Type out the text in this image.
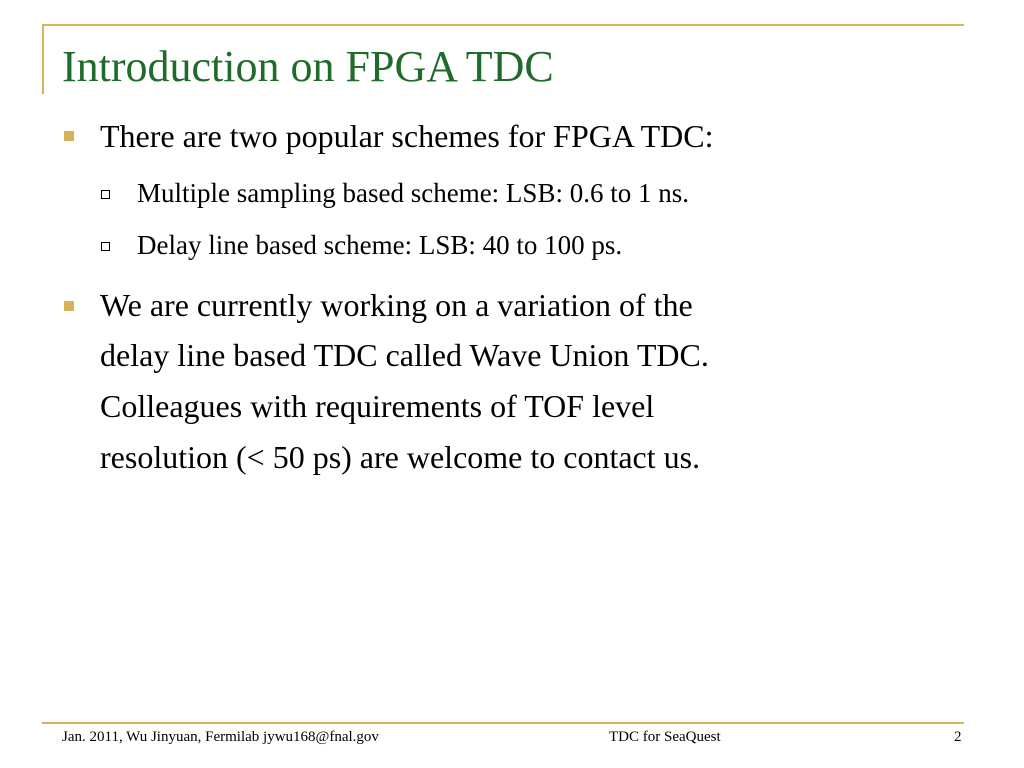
Introduction on FPGA TDC
There are two popular schemes for FPGA TDC:
Multiple sampling based scheme: LSB: 0.6 to 1 ns.
Delay line based scheme: LSB: 40 to 100 ps.
We are currently working on a variation of the
delay line based TDC called Wave Union TDC.
Colleagues with requirements of TOF level
resolution (< 50 ps) are welcome to contact us.
Jan. 2011, Wu Jinyuan, Fermilab jywu168@fnal.gov	TDC for SeaQuest	2
